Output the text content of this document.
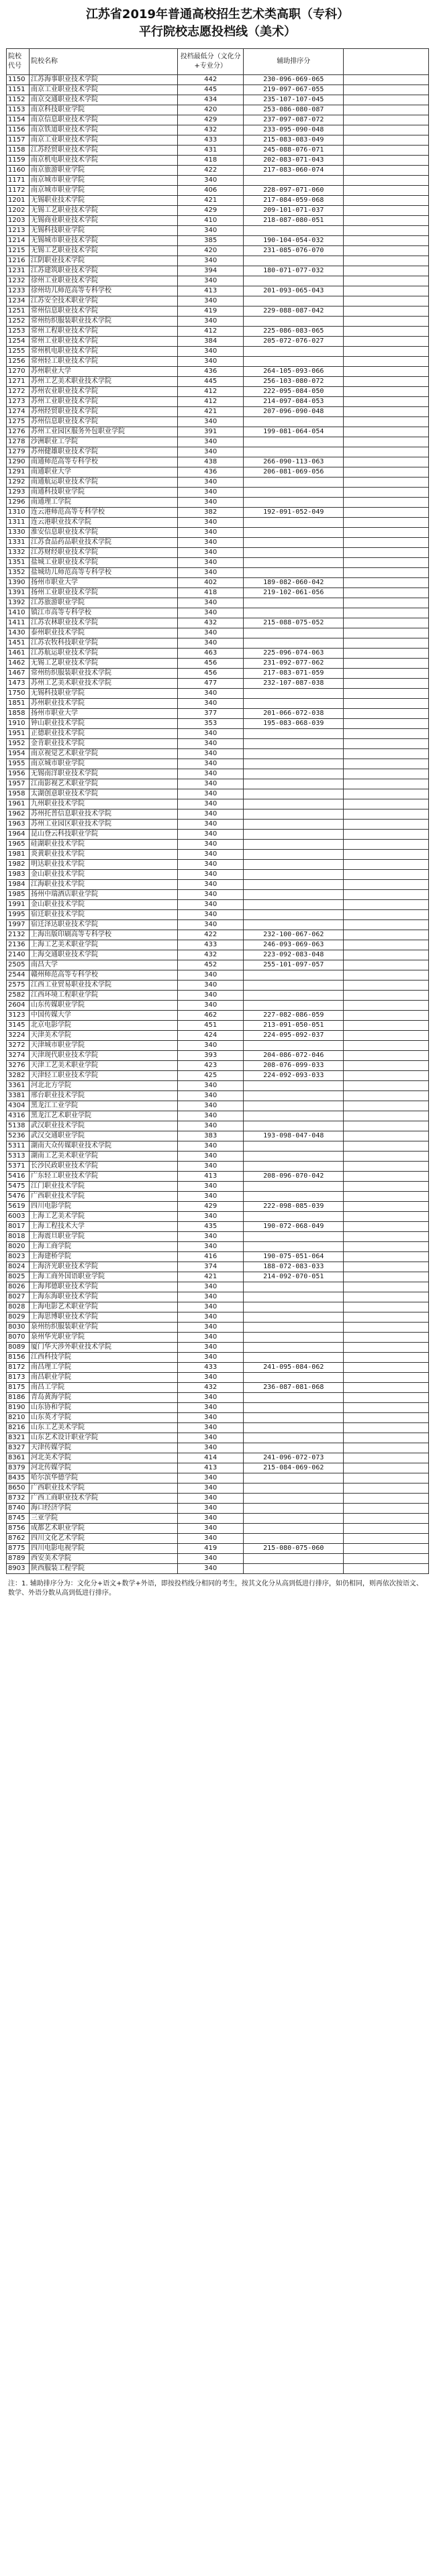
江苏省2019年普通高校招生艺术类高职（专科）
平行院校志愿投档线（美术）
院校代号	院校名称	投档最低分（文化分+专业分）	辅助排序分	
1150	江苏海事职业技术学院	442	230-096-069-065	
1151	南京工业职业技术学院	445	219-097-067-055	
1152	南京交通职业技术学院	434	235-107-107-045	
1153	南京科技职业学院	420	253-086-080-087	
1154	南京信息职业技术学院	429	237-097-087-072	
1156	南京铁道职业技术学院	432	233-095-090-048	
1157	南京工业职业技术学院	433	215-083-083-049	
1158	江苏经贸职业技术学院	431	245-088-076-071	
1159	南京机电职业技术学院	418	202-083-071-043	
1160	南京旅游职业学院	422	217-083-060-074	
1171	南京城市职业学院	340		
1172	南京城市职业学院	406	228-097-071-060	
1201	无锡职业技术学院	421	217-084-059-068	
1202	无锡工艺职业技术学院	429	209-101-071-037	
1203	无锡商业职业技术学院	410	218-087-080-051	
1213	无锡科技职业学院	340		
1214	无锡城市职业技术学院	385	190-104-054-032	
1215	无锡工艺职业技术学院	420	231-085-076-070	
1216	江阴职业技术学院	340		
1231	江苏建筑职业技术学院	394	180-071-077-032	
1232	徐州工业职业技术学院	340		
1233	徐州幼儿师范高等专科学校	413	201-093-065-043	
1234	江苏安全技术职业学院	340		
1251	常州信息职业技术学院	419	229-088-087-042	
1252	常州纺织服装职业技术学院	340		
1253	常州工程职业技术学院	412	225-086-083-065	
1254	常州工业职业技术学院	384	205-072-076-027	
1255	常州机电职业技术学院	340		
1256	常州轻工职业技术学院	340		
1270	苏州职业大学	436	264-105-093-066	
1271	苏州工艺美术职业技术学院	445	256-103-080-072	
1272	苏州农业职业技术学院	412	222-095-084-050	
1273	苏州工业职业技术学院	412	214-097-084-053	
1274	苏州经贸职业技术学院	421	207-096-090-048	
1275	苏州信息职业技术学院	340		
1276	苏州工业园区服务外包职业学院	391	199-081-064-054	
1278	沙洲职业工学院	340		
1279	苏州健雄职业技术学院	340		
1290	南通师范高等专科学校	438	266-090-113-063	
1291	南通职业大学	436	206-081-069-056	
1292	南通航运职业技术学院	340		
1293	南通科技职业学院	340		
1296	南通理工学院	340		
1310	连云港师范高等专科学校	382	192-091-052-049	
1311	连云港职业技术学院	340		
1330	淮安信息职业技术学院	340		
1331	江苏食品药品职业技术学院	340		
1332	江苏财经职业技术学院	340		
1351	盐城工业职业技术学院	340		
1352	盐城幼儿师范高等专科学校	340		
1390	扬州市职业大学	402	189-082-060-042	
1391	扬州工业职业技术学院	418	219-102-061-056	
1392	江苏旅游职业学院	340		
1410	镇江市高等专科学校	340		
1411	江苏农林职业技术学院	432	215-088-075-052	
1430	泰州职业技术学院	340		
1451	江苏农牧科技职业学院	340		
1461	江苏航运职业技术学院	463	225-096-074-063	
1462	无锡工艺职业技术学院	456	231-092-077-062	
1467	常州纺织服装职业技术学院	456	217-083-071-059	
1473	苏州工艺美术职业技术学院	477	232-107-087-038	
1750	无锡科技职业学院	340		
1851	苏州职业技术学院	340		
1858	扬州市职业大学	377	201-066-072-038	
1910	钟山职业技术学院	353	195-083-068-039	
1951	正德职业技术学院	340		
1952	金肯职业技术学院	340		
1954	南京视觉艺术职业学院	340		
1955	南京城市职业学院	340		
1956	无锡南洋职业技术学院	340		
1957	江南影视艺术职业学院	340		
1958	太湖创意职业技术学院	340		
1961	九州职业技术学院	340		
1962	苏州托普信息职业技术学院	340		
1963	苏州工业园区职业技术学院	340		
1964	昆山登云科技职业学院	340		
1965	硅湖职业技术学院	340		
1981	炎黄职业技术学院	340		
1982	明达职业技术学院	340		
1983	金山职业技术学院	340		
1984	江海职业技术学院	340		
1985	扬州中瑞酒店职业学院	340		
1991	金山职业技术学院	340		
1995	宿迁职业技术学院	340		
1997	宿迁泽达职业技术学院	340		
2132	上海出版印刷高等专科学校	422	232-100-067-062	
2136	上海工艺美术职业学院	433	246-093-069-063	
2140	上海交通职业技术学院	432	223-092-083-048	
2505	南昌大学	452	255-101-097-057	
2544	赣州师范高等专科学校	340		
2575	江西工业贸易职业技术学院	340		
2582	江西环境工程职业学院	340		
2604	山东传媒职业学院	340		
3123	中国传媒大学	462	227-082-086-059	
3145	北京电影学院	451	213-091-050-051	
3224	天津美术学院	424	224-095-092-037	
3272	天津城市职业学院	340		
3274	天津现代职业技术学院	393	204-086-072-046	
3276	天津工艺美术职业学院	423	208-076-099-033	
3282	天津轻工职业技术学院	425	224-092-093-033	
3361	河北北方学院	340		
3381	邢台职业技术学院	340		
4304	黑龙江工业学院	340		
4316	黑龙江艺术职业学院	340		
5138	武汉职业技术学院	340		
5236	武汉交通职业学院	383	193-098-047-048	
5311	湖南大众传媒职业技术学院	340		
5313	湖南工艺美术职业学院	340		
5371	长沙民政职业技术学院	340		
5416	广东轻工职业技术学院	413	208-096-070-042	
5475	江门职业技术学院	340		
5476	广西职业技术学院	340		
5619	四川电影学院	429	222-098-085-039	
6003	上海工艺美术学院	340		
8017	上海工程技术大学	435	190-072-068-049	
8018	上海震旦职业学院	340		
8020	上海工商学院	340		
8023	上海建桥学院	416	190-075-051-064	
8024	上海济光职业技术学院	374	188-072-083-033	
8025	上海工商外国语职业学院	421	214-092-070-051	
8026	上海邦德职业技术学院	340		
8027	上海东海职业技术学院	340		
8028	上海电影艺术职业学院	340		
8029	上海思博职业技术学院	340		
8030	泉州纺织服装职业学院	340		
8070	泉州华光职业学院	340		
8089	厦门华天涉外职业技术学院	340		
8156	江西科技学院	340		
8172	南昌理工学院	433	241-095-084-062	
8173	南昌职业学院	340		
8175	南昌工学院	432	236-087-081-068	
8186	青岛黄海学院	340		
8190	山东协和学院	340		
8210	山东英才学院	340		
8216	山东工艺美术学院	340		
8321	山东艺术设计职业学院	340		
8327	天津传媒学院	340		
8361	河北美术学院	414	241-096-072-073	
8379	河北传媒学院	413	215-084-069-062	
8435	哈尔滨华德学院	340		
8650	广西职业技术学院	340		
8732	广西工商职业技术学院	340		
8740	海口经济学院	340		
8745	三亚学院	340		
8756	成都艺术职业学院	340		
8762	四川文化艺术学院	340		
8775	四川电影电视学院	419	215-080-075-060	
8789	西安美术学院	340		
8903	陕西服装工程学院	340		
注：1. 辅助排序分为：文化分+语文+数学+外语，即按投档线分相同的考生，按其文化分从高到低进行排序，如仍相同，则再依次按语文、数学、外语分数从高到低进行排序。
